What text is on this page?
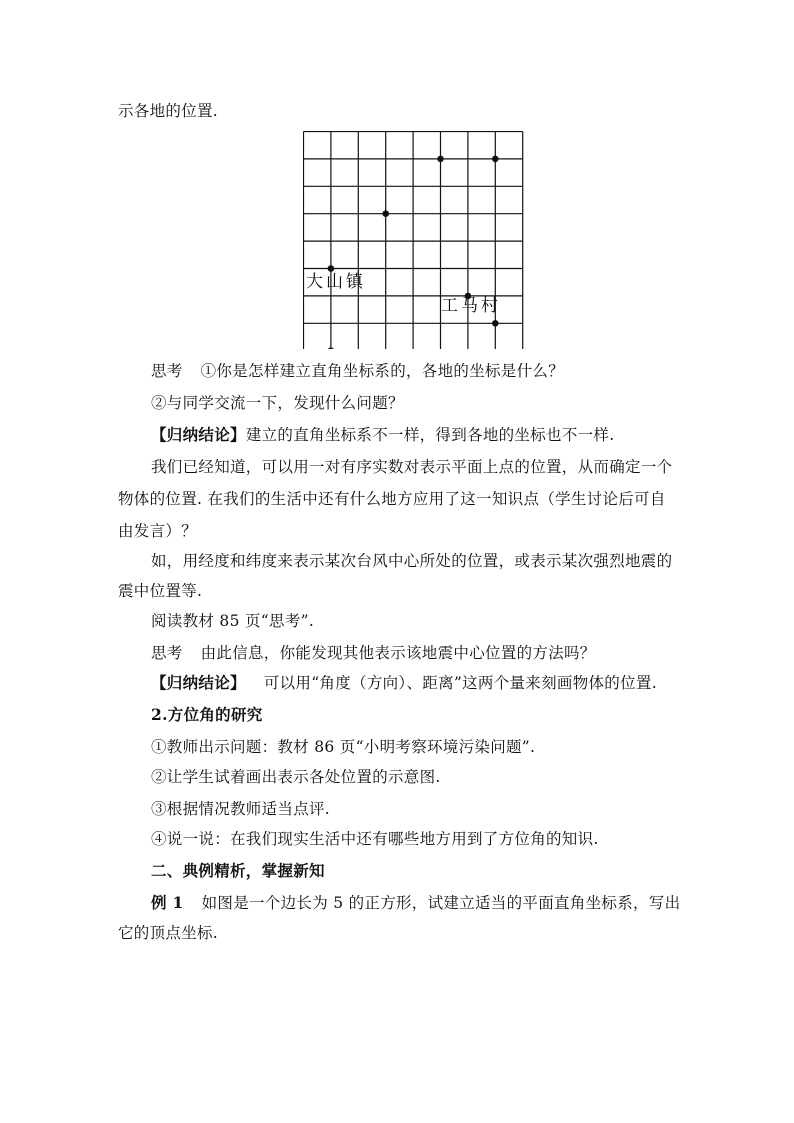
示各地的位置.
大山镇
工马村
思考 ①你是怎样建立直角坐标系的，各地的坐标是什么？
②与同学交流一下，发现什么问题？
【归纳结论】建立的直角坐标系不一样，得到各地的坐标也不一样.
我们已经知道，可以用一对有序实数对表示平面上点的位置，从而确定一个
物体的位置. 在我们的生活中还有什么地方应用了这一知识点（学生讨论后可自
由发言）？
如，用经度和纬度来表示某次台风中心所处的位置，或表示某次强烈地震的
震中位置等.
阅读教材 85 页“思考”.
思考 由此信息，你能发现其他表示该地震中心位置的方法吗？
【归纳结论】 可以用“角度（方向）、距离”这两个量来刻画物体的位置.
2.方位角的研究
①教师出示问题：教材 86 页“小明考察环境污染问题”.
②让学生试着画出表示各处位置的示意图.
③根据情况教师适当点评.
④说一说：在我们现实生活中还有哪些地方用到了方位角的知识.
二、典例精析，掌握新知
例 1 如图是一个边长为 5 的正方形，试建立适当的平面直角坐标系，写出
它的顶点坐标.
